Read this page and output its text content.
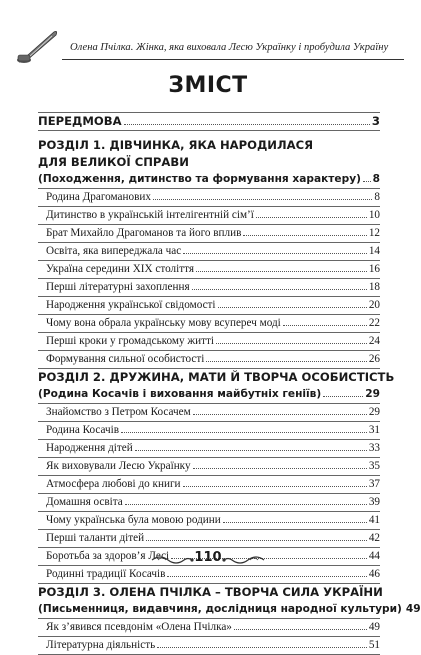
Олена Пчілка. Жінка, яка виховала Лесю Українку і пробудила Україну
ЗМІСТ
ПЕРЕДМОВА	3
РОЗДІЛ 1. ДІВЧИНКА, ЯКА НАРОДИЛАСЯ
ДЛЯ ВЕЛИКОЇ СПРАВИ
(Походження, дитинство та формування характеру) 8
Родина Драгоманових	8
Дитинство в українській інтелігентній сім’ї	10
Брат Михайло Драгоманов та його вплив	12
Освіта, яка випереджала час	14
Україна середини XIX століття	16
Перші літературні захоплення	18
Народження української свідомості	20
Чому вона обрала українську мову всупереч моді	22
Перші кроки у громадському житті	24
Формування сильної особистості	26
РОЗДІЛ 2. ДРУЖИНА, МАТИ Й ТВОРЧА ОСОБИСТІСТЬ
(Родина Косачів і виховання майбутніх геніїв)	29
Знайомство з Петром Косачем	29
Родина Косачів	31
Народження дітей	33
Як виховували Лесю Українку	35
Атмосфера любові до книги	37
Домашня освіта	39
Чому українська була мовою родини	41
Перші таланти дітей	42
Боротьба за здоров’я Лесі	44
Родинні традиції Косачів	46
РОЗДІЛ 3. ОЛЕНА ПЧІЛКА – ТВОРЧА СИЛА УКРАЇНИ
(Письменниця, видавчиня, дослідниця народної культури) 49
Як з’явився псевдонім «Олена Пчілка»	49
Літературна діяльність	51
110
